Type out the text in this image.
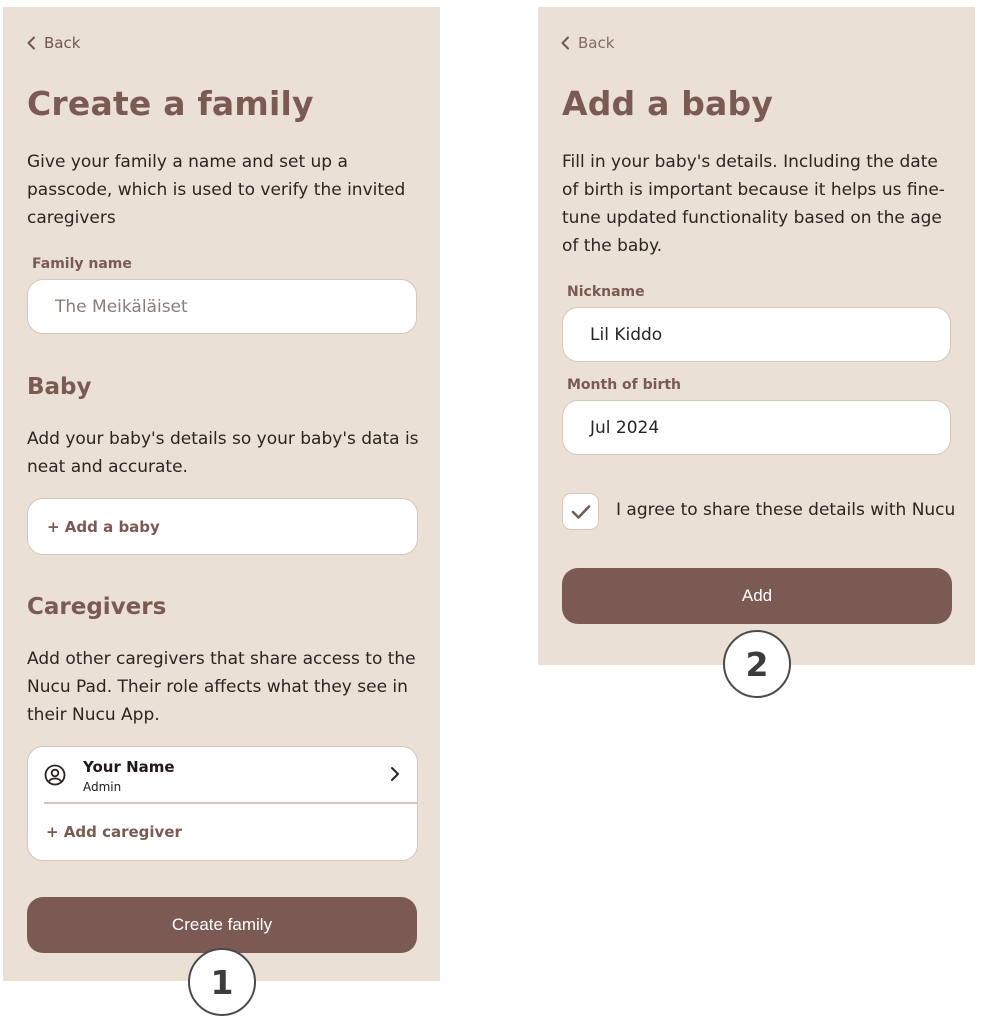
Back
Create a family
Give your family a name and set up a passcode, which is used to verify the invited caregivers
Family name
The Meikäläiset
Baby
Add your baby's details so your baby's data is neat and accurate.
+ Add a baby
Caregivers
Add other caregivers that share access to the Nucu Pad. Their role affects what they see in their Nucu App.
Your Name
Admin
+ Add caregiver
Create family
1
Back
Add a baby
Fill in your baby's details. Including the date of birth is important because it helps us fine-tune updated functionality based on the age of the baby.
Nickname
Lil Kiddo
Month of birth
Jul 2024
I agree to share these details with Nucu
Add
2
